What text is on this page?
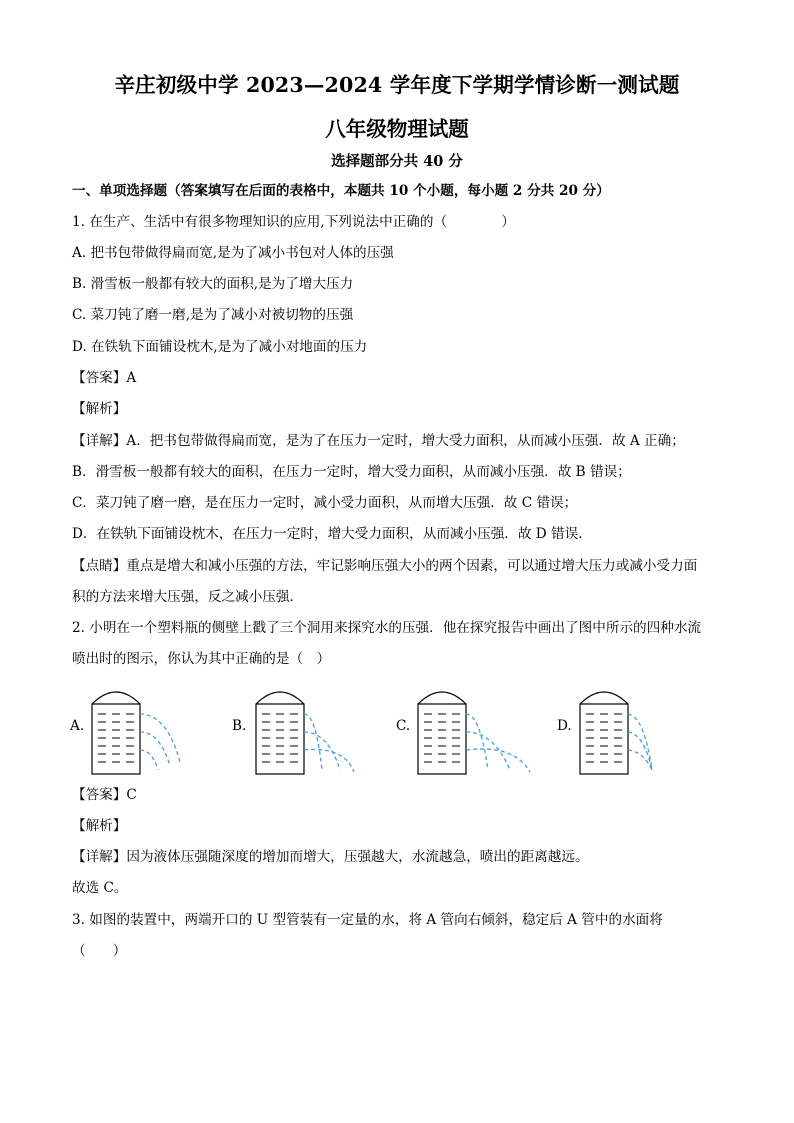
辛庄初级中学 2023—2024 学年度下学期学情诊断一测试题
八年级物理试题
选择题部分共 40 分
一、单项选择题（答案填写在后面的表格中，本题共 10 个小题，每小题 2 分共 20 分）
1. 在生产、生活中有很多物理知识的应用,下列说法中正确的（　　　　）
A. 把书包带做得扁而宽,是为了减小书包对人体的压强
B. 滑雪板一般都有较大的面积,是为了增大压力
C. 菜刀钝了磨一磨,是为了减小对被切物的压强
D. 在铁轨下面铺设枕木,是为了减小对地面的压力
【答案】A
【解析】
【详解】A．把书包带做得扁而宽，是为了在压力一定时，增大受力面积，从而减小压强．故 A 正确；
B．滑雪板一般都有较大的面积，在压力一定时，增大受力面积，从而减小压强．故 B 错误；
C．菜刀钝了磨一磨，是在压力一定时，减小受力面积，从而增大压强．故 C 错误；
D．在铁轨下面铺设枕木，在压力一定时，增大受力面积，从而减小压强．故 D 错误．
【点睛】重点是增大和减小压强的方法，牢记影响压强大小的两个因素，可以通过增大压力或减小受力面
积的方法来增大压强，反之减小压强．
2. 小明在一个塑料瓶的侧壁上戳了三个洞用来探究水的压强．他在探究报告中画出了图中所示的四种水流
喷出时的图示，你认为其中正确的是（　）
A.	B.	C.	D.
【答案】C
【解析】
【详解】因为液体压强随深度的增加而增大，压强越大，水流越急，喷出的距离越远。
故选 C。
3. 如图的装置中，两端开口的 U 型管装有一定量的水，将 A 管向右倾斜，稳定后 A 管中的水面将
（　　）
